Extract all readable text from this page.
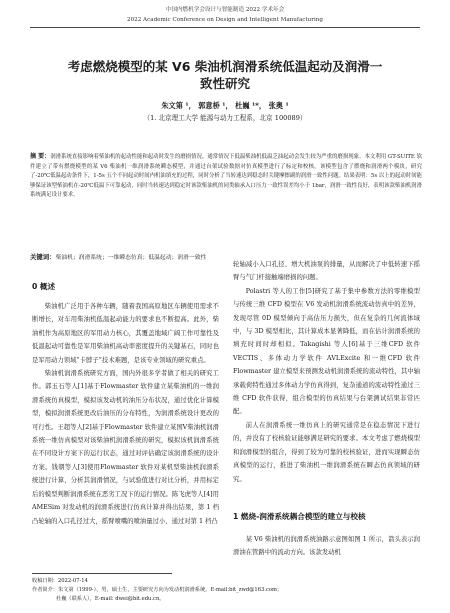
中国内燃机学会设计与智能制造 2022 学术年会
2022 Academic Conference on Design and Intelligent Manufacturing
考虑燃烧模型的某 V6 柴油机润滑系统低温起动及润滑一
致性研究
朱文第 ¹， 郭意桥 ¹， 杜巍 ¹*， 张奥 ¹
（1. 北京理工大学 能源与动力工程系，北京 100089）
摘 要：润滑系统直接影响着柴油机的起动性能和起动时发生的磨损情况，通常情况下低温柴油机低温乏油起动会发生较为严重的磨损现象。本文利用 GT-SUITE 软件建立了带有燃烧模型的某 V6 柴油机一维润滑系统瞬态模型，并通过台架试验数据对仿真模型进行了标定和校核。该模型包含了燃烧和润滑两个模块，研究了-20℃低温起动条件下，1-5s 五个不同起动时间内机油填充的过程，同时分析了当转速达到稳态时关键摩擦副的润滑一致性问题。结果表明：5s 以上的起动时间能够保证该型柴油机在-20℃低温下可靠起动，同时当转速达到稳定时该款柴油机的同类轴承入口压力一致性误差均小于 1bar，润滑一致性良好，表明该款柴油机润滑系统满足设计要求。
关键词：柴油机；润滑系统；一维瞬态仿真；低温起动；润滑一致性
0 概述

柴油机广泛用于各种车辆，随着我国高原地区车辆使用需求不断增长，对车用柴油机低温起动能力的要求也不断提高。此外，柴油机作为高原地区的军用动力核心，其覆盖地域广阔工作可靠性及低温起动可靠性是军用柴油机高动率密度提升的关键基石，同时也是军用动力领域“卡脖子”技术难题，是该专业领域的研究重点。

柴油机润滑系统研究方面，国内外很多学者做了相关的研究工作。郭玉石等人[1]基于Flowmaster 软件建立某柴油机的一维润滑系统仿真模型，模拟该发动机的油压分布状况，通过优化计算模型，模拟润滑系统更改后油压的分布特性，为润滑系统设计更改的可行性。王超等人[2]基于Flowmaster 软件建立某国Ⅴ柴油机润滑系统一维仿真模型对该柴油机润滑系统的研究，模拟该机润滑系统在不同设计方案下的运行状态，通过对评估确定该润滑系统的设计方案。钱朝等人[3]使用Flowmaster 软件对某机型柴油机润滑系统进行计算，分析其润滑情况，与试验值进行对比分析，并用标定后的模型判断润滑系统在恶劣工况下的运行情况。陈飞虎等人[4]用 AMESim 对发动机的润滑系统进行仿真计算并得出结果，第 1 档凸轮轴的入口孔径过大，摇臂喷嘴的喷油量过小，通过对第 1 档凸

轮轴减小入口孔径、增大机油泵的排量，从而解决了中低转速下摇臂与气门杆接触端磨损的问题。

Polastri 等人的工作[5]研究了基于集中参数方法的零维模型与传统三维 CFD 模型在 V6 发动机润滑系统流动仿真中的差异，发现尽管 0D 模型倾向于高估压力损失，但在复杂的几何流体域中，与 3D 模型相比，其计算成本显著降低，而在估计润滑系统的填充时间时却相似。Takagishi 等人[6]基于三维CFD 软件 VECTIS、多体动力学软件 AVLExcite 和一维CFD 软件 Flowmaster 建立模型来预测发动机润滑系统的流动特性，其中轴承载荷特性通过多体动力学仿真得到，复杂通道的流动特性通过三维 CFD 软件获得，组合模型的仿真结果与台架测试结果非常匹配。

前人在润滑系统一维仿真上的研究通常是在稳态情况下进行的，并没有了校核验证能够满足研究的要求。本文考虑了燃烧模型和润滑模型的组合，得到了较为可靠的校核验证，进而实现瞬态仿真模型的运行，推进了柴油机一维润滑系统在瞬态仿真领域的研究。

1 燃烧-润滑系统耦合模型的建立与校核

某 V6 柴油机的润滑系统油路示意图如图 1 所示，箭头表示润滑油在管路中的流动方向。该款发动机

收稿日期：2022-07-14
作者简介：朱文第（1999-），男，硕士生，主要研究方向为发动机润滑系统。E-mail:bit_zwd@163.com；
杜巍（联系人），E-mail: dwei@bit.edu.cn。
